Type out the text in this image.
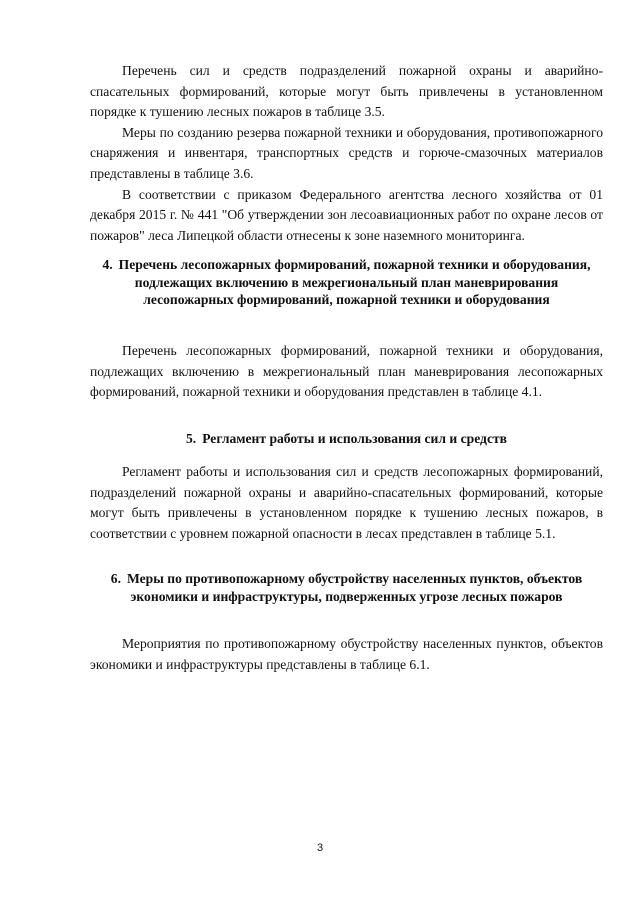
Перечень сил и средств подразделений пожарной охраны и аварийно-спасательных формирований, которые могут быть привлечены в установленном порядке к тушению лесных пожаров в таблице 3.5.

Меры по созданию резерва пожарной техники и оборудования, противопожарного снаряжения и инвентаря, транспортных средств и горюче-смазочных материалов представлены в таблице 3.6.

В соответствии с приказом Федерального агентства лесного хозяйства от 01 декабря 2015 г. № 441 "Об утверждении зон лесоавиационных работ по охране лесов от пожаров" леса Липецкой области отнесены к зоне наземного мониторинга.

4. Перечень лесопожарных формирований, пожарной техники и оборудования, подлежащих включению в межрегиональный план маневрирования лесопожарных формирований, пожарной техники и оборудования

Перечень лесопожарных формирований, пожарной техники и оборудования, подлежащих включению в межрегиональный план маневрирования лесопожарных формирований, пожарной техники и оборудования представлен в таблице 4.1.

5. Регламент работы и использования сил и средств

Регламент работы и использования сил и средств лесопожарных формирований, подразделений пожарной охраны и аварийно-спасательных формирований, которые могут быть привлечены в установленном порядке к тушению лесных пожаров, в соответствии с уровнем пожарной опасности в лесах представлен в таблице 5.1.

6. Меры по противопожарному обустройству населенных пунктов, объектов экономики и инфраструктуры, подверженных угрозе лесных пожаров

Мероприятия по противопожарному обустройству населенных пунктов, объектов экономики и инфраструктуры представлены в таблице 6.1.

3
